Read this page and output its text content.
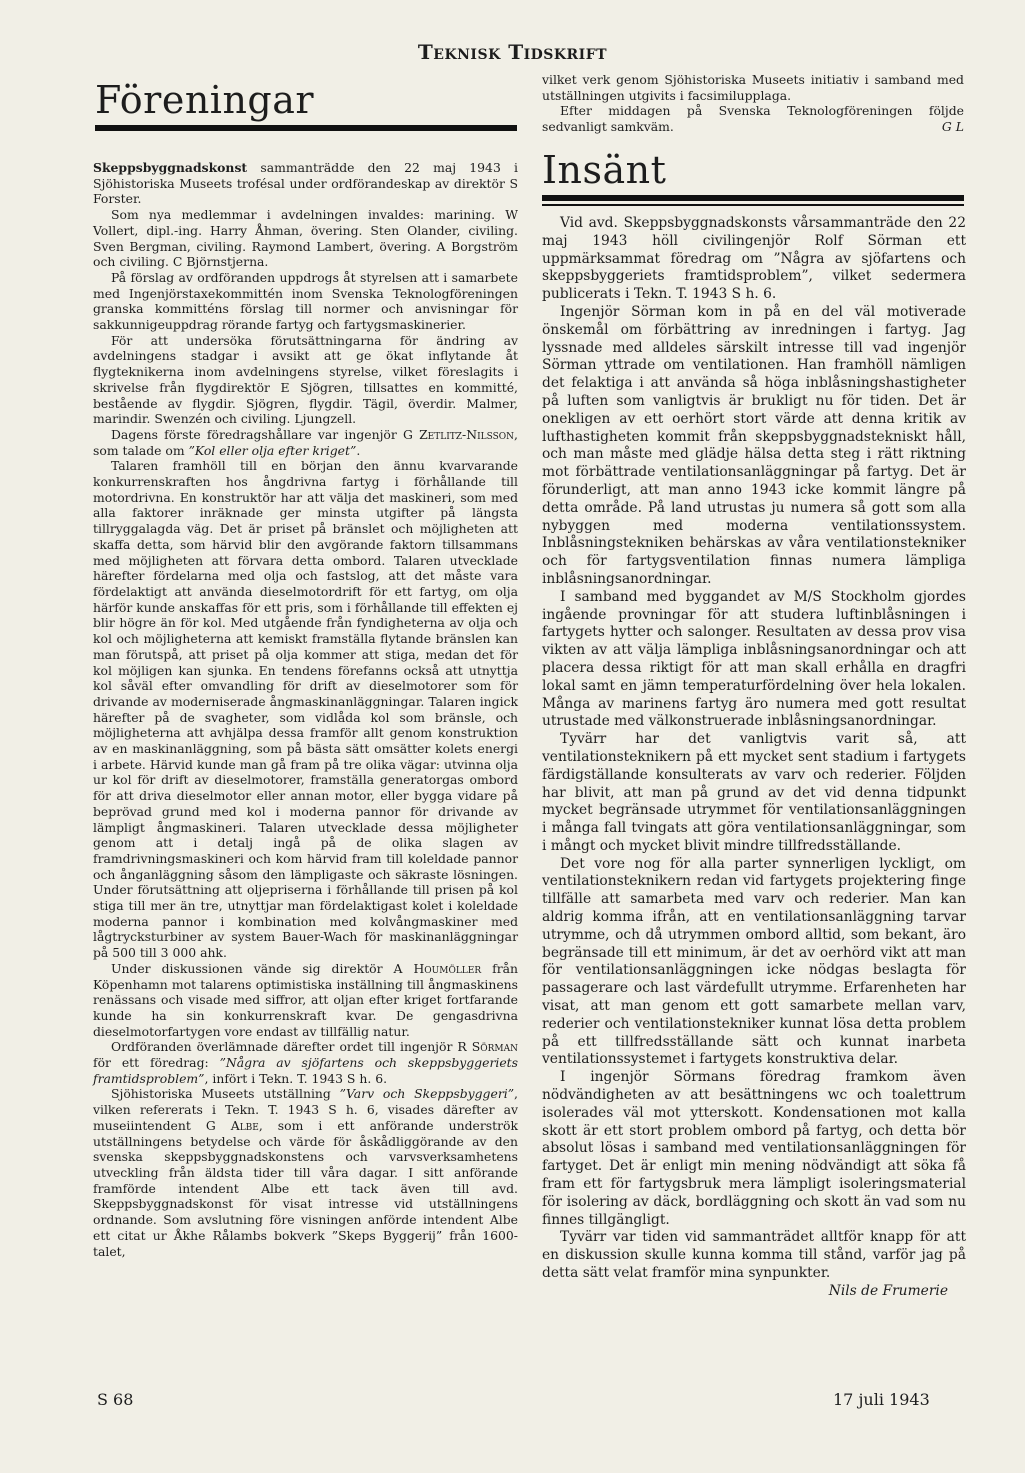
Teknisk Tidskrift
Föreningar

Skeppsbyggnadskonst sammanträdde den 22 maj 1943 i Sjöhistoriska Museets trofésal under ordförandeskap av direktör S Forster.

Som nya medlemmar i avdelningen invaldes: marining. W Vollert, dipl.-ing. Harry Åhman, övering. Sten Olander, civiling. Sven Bergman, civiling. Raymond Lambert, övering. A Borgström och civiling. C Björnstjerna.

På förslag av ordföranden uppdrogs åt styrelsen att i samarbete med Ingenjörstaxekommittén inom Svenska Teknologföreningen granska kommitténs förslag till normer och anvisningar för sakkunnigeuppdrag rörande fartyg och fartygsmaskinerier.

För att undersöka förutsättningarna för ändring av avdelningens stadgar i avsikt att ge ökat inflytande åt flygteknikerna inom avdelningens styrelse, vilket föreslagits i skrivelse från flygdirektör E Sjögren, tillsattes en kommitté, bestående av flygdir. Sjögren, flygdir. Tägil, överdir. Malmer, marindir. Swenzén och civiling. Ljungzell.

Dagens förste föredragshållare var ingenjör G Zetlitz-Nilsson, som talade om ”Kol eller olja efter kriget”.

Talaren framhöll till en början den ännu kvarvarande konkurrenskraften hos ångdrivna fartyg i förhållande till motordrivna. En konstruktör har att välja det maskineri, som med alla faktorer inräknade ger minsta utgifter på längsta tillryggalagda väg. Det är priset på bränslet och möjligheten att skaffa detta, som härvid blir den avgörande faktorn tillsammans med möjligheten att förvara detta ombord. Talaren utvecklade härefter fördelarna med olja och fastslog, att det måste vara fördelaktigt att använda dieselmotordrift för ett fartyg, om olja härför kunde anskaffas för ett pris, som i förhållande till effekten ej blir högre än för kol. Med utgående från fyndigheterna av olja och kol och möjligheterna att kemiskt framställa flytande bränslen kan man förutspå, att priset på olja kommer att stiga, medan det för kol möjligen kan sjunka. En tendens förefanns också att utnyttja kol såväl efter omvandling för drift av dieselmotorer som för drivande av moderniserade ångmaskinanläggningar. Talaren ingick härefter på de svagheter, som vidlåda kol som bränsle, och möjligheterna att avhjälpa dessa framför allt genom konstruktion av en maskinanläggning, som på bästa sätt omsätter kolets energi i arbete. Härvid kunde man gå fram på tre olika vägar: utvinna olja ur kol för drift av dieselmotorer, framställa generatorgas ombord för att driva dieselmotor eller annan motor, eller bygga vidare på beprövad grund med kol i moderna pannor för drivande av lämpligt ångmaskineri. Talaren utvecklade dessa möjligheter genom att i detalj ingå på de olika slagen av framdrivningsmaskineri och kom härvid fram till koleldade pannor och ånganläggning såsom den lämpligaste och säkraste lösningen. Under förutsättning att oljepriserna i förhållande till prisen på kol stiga till mer än tre, utnyttjar man fördelaktigast kolet i koleldade moderna pannor i kombination med kolvångmaskiner med lågtrycksturbiner av system Bauer-Wach för maskinanläggningar på 500 till 3 000 ahk.

Under diskussionen vände sig direktör A Houmöller från Köpenhamn mot talarens optimistiska inställning till ångmaskinens renässans och visade med siffror, att oljan efter kriget fortfarande kunde ha sin konkurrenskraft kvar. De gengasdrivna dieselmotorfartygen vore endast av tillfällig natur.

Ordföranden överlämnade därefter ordet till ingenjör R Sörman för ett föredrag: ”Några av sjöfartens och skeppsbyggeriets framtidsproblem”, infört i Tekn. T. 1943 S h. 6.

Sjöhistoriska Museets utställning ”Varv och Skeppsbyggeri”, vilken refererats i Tekn. T. 1943 S h. 6, visades därefter av museiintendent G Albe, som i ett anförande underströk utställningens betydelse och värde för åskådliggörande av den svenska skeppsbyggnadskonstens och varvsverksamhetens utveckling från äldsta tider till våra dagar. I sitt anförande framförde intendent Albe ett tack även till avd. Skeppsbyggnadskonst för visat intresse vid utställningens ordnande. Som avslutning före visningen anförde intendent Albe ett citat ur Åkhe Rålambs bokverk ”Skeps Byggerij” från 1600-talet,

vilket verk genom Sjöhistoriska Museets initiativ i samband med utställningen utgivits i facsimilupplaga.

Efter middagen på Svenska Teknologföreningen följde sedvanligt samkväm.	G L

Insänt

Vid avd. Skeppsbyggnadskonsts vårsammanträde den 22 maj 1943 höll civilingenjör Rolf Sörman ett uppmärksammat föredrag om ”Några av sjöfartens och skeppsbyggeriets framtidsproblem”, vilket sedermera publicerats i Tekn. T. 1943 S h. 6.

Ingenjör Sörman kom in på en del väl motiverade önskemål om förbättring av inredningen i fartyg. Jag lyssnade med alldeles särskilt intresse till vad ingenjör Sörman yttrade om ventilationen. Han framhöll nämligen det felaktiga i att använda så höga inblåsningshastigheter på luften som vanligtvis är brukligt nu för tiden. Det är onekligen av ett oerhört stort värde att denna kritik av lufthastigheten kommit från skeppsbyggnadstekniskt håll, och man måste med glädje hälsa detta steg i rätt riktning mot förbättrade ventilationsanläggningar på fartyg. Det är förunderligt, att man anno 1943 icke kommit längre på detta område. På land utrustas ju numera så gott som alla nybyggen med moderna ventilationssystem. Inblåsningstekniken behärskas av våra ventilationstekniker och för fartygsventilation finnas numera lämpliga inblåsningsanordningar.

I samband med byggandet av M/S Stockholm gjordes ingående provningar för att studera luftinblåsningen i fartygets hytter och salonger. Resultaten av dessa prov visa vikten av att välja lämpliga inblåsningsanordningar och att placera dessa riktigt för att man skall erhålla en dragfri lokal samt en jämn temperaturfördelning över hela lokalen. Många av marinens fartyg äro numera med gott resultat utrustade med välkonstruerade inblåsningsanordningar.

Tyvärr har det vanligtvis varit så, att ventilationsteknikern på ett mycket sent stadium i fartygets färdigställande konsulterats av varv och rederier. Följden har blivit, att man på grund av det vid denna tidpunkt mycket begränsade utrymmet för ventilationsanläggningen i många fall tvingats att göra ventilationsanläggningar, som i mångt och mycket blivit mindre tillfredsställande.

Det vore nog för alla parter synnerligen lyckligt, om ventilationsteknikern redan vid fartygets projektering finge tillfälle att samarbeta med varv och rederier. Man kan aldrig komma ifrån, att en ventilationsanläggning tarvar utrymme, och då utrymmen ombord alltid, som bekant, äro begränsade till ett minimum, är det av oerhörd vikt att man för ventilationsanläggningen icke nödgas beslagta för passagerare och last värdefullt utrymme. Erfarenheten har visat, att man genom ett gott samarbete mellan varv, rederier och ventilationstekniker kunnat lösa detta problem på ett tillfredsställande sätt och kunnat inarbeta ventilationssystemet i fartygets konstruktiva delar.

I ingenjör Sörmans föredrag framkom även nödvändigheten av att besättningens wc och toalettrum isolerades väl mot ytterskott. Kondensationen mot kalla skott är ett stort problem ombord på fartyg, och detta bör absolut lösas i samband med ventilationsanläggningen för fartyget. Det är enligt min mening nödvändigt att söka få fram ett för fartygsbruk mera lämpligt isoleringsmaterial för isolering av däck, bordläggning och skott än vad som nu finnes tillgängligt.

Tyvärr var tiden vid sammanträdet alltför knapp för att en diskussion skulle kunna komma till stånd, varför jag på detta sätt velat framför mina synpunkter.

Nils de Frumerie
S 68	17 juli 1943
